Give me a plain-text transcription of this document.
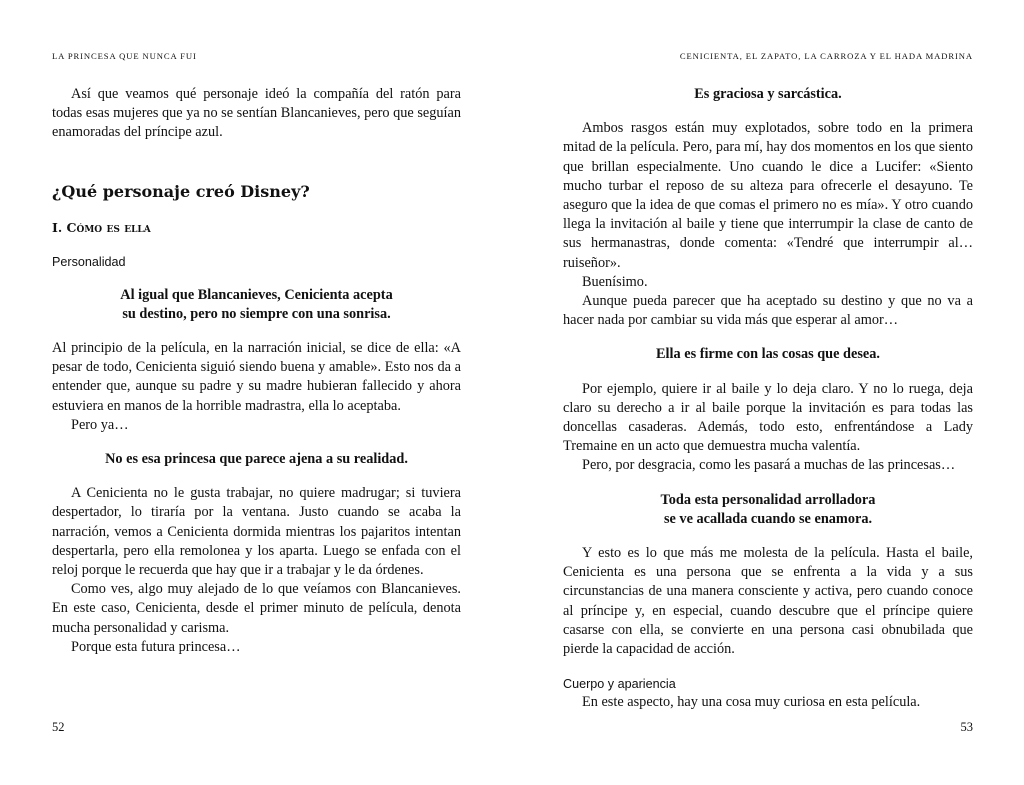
LA PRINCESA QUE NUNCA FUI

Así que veamos qué personaje ideó la compañía del ratón para todas esas mujeres que ya no se sentían Blancanieves, pero que seguían enamoradas del príncipe azul.

¿Qué personaje creó Disney?
I. Cómo es ella
Personalidad
Al igual que Blancanieves, Cenicienta acepta
su destino, pero no siempre con una sonrisa.

Al principio de la película, en la narración inicial, se dice de ella: «A pesar de todo, Cenicienta siguió siendo buena y amable». Esto nos da a entender que, aunque su padre y su madre hubieran fallecido y ahora estuviera en manos de la horrible madrastra, ella lo aceptaba.

Pero ya…

No es esa princesa que parece ajena a su realidad.

A Cenicienta no le gusta trabajar, no quiere madrugar; si tuviera despertador, lo tiraría por la ventana. Justo cuando se acaba la narración, vemos a Cenicienta dormida mientras los pajaritos intentan despertarla, pero ella remolonea y los aparta. Luego se enfada con el reloj porque le recuerda que hay que ir a trabajar y le da órdenes.

Como ves, algo muy alejado de lo que veíamos con Blancanieves. En este caso, Cenicienta, desde el primer minuto de película, denota mucha personalidad y carisma.

Porque esta futura princesa…

52
CENICIENTA, EL ZAPATO, LA CARROZA Y EL HADA MADRINA
Es graciosa y sarcástica.

Ambos rasgos están muy explotados, sobre todo en la primera mitad de la película. Pero, para mí, hay dos momentos en los que siento que brillan especialmente. Uno cuando le dice a Lucifer: «Siento mucho turbar el reposo de su alteza para ofrecerle el desayuno. Te aseguro que la idea de que comas el primero no es mía». Y otro cuando llega la invitación al baile y tiene que interrumpir la clase de canto de sus hermanastras, donde comenta: «Tendré que interrumpir al… ruiseñor».

Buenísimo.

Aunque pueda parecer que ha aceptado su destino y que no va a hacer nada por cambiar su vida más que esperar al amor…

Ella es firme con las cosas que desea.

Por ejemplo, quiere ir al baile y lo deja claro. Y no lo ruega, deja claro su derecho a ir al baile porque la invitación es para todas las doncellas casaderas. Además, todo esto, enfrentándose a Lady Tremaine en un acto que demuestra mucha valentía.

Pero, por desgracia, como les pasará a muchas de las princesas…

Toda esta personalidad arrolladora
se ve acallada cuando se enamora.

Y esto es lo que más me molesta de la película. Hasta el baile, Cenicienta es una persona que se enfrenta a la vida y a sus circunstancias de una manera consciente y activa, pero cuando conoce al príncipe y, en especial, cuando descubre que el príncipe quiere casarse con ella, se convierte en una persona casi obnubilada que pierde la capacidad de acción.

Cuerpo y apariencia

En este aspecto, hay una cosa muy curiosa en esta película.

53
